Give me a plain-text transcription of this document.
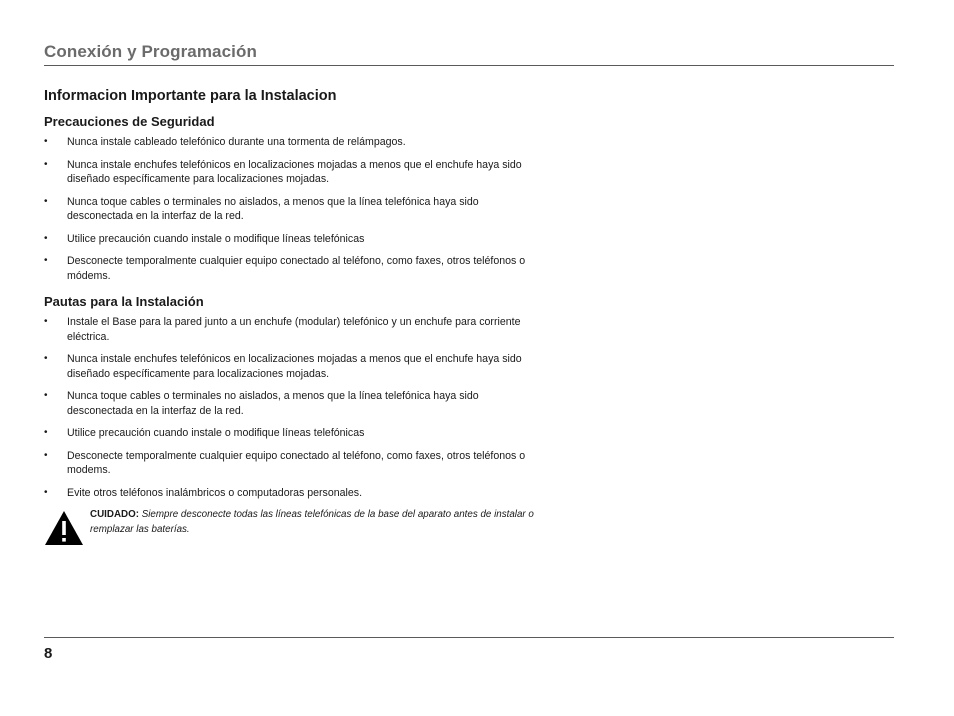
Conexión y Programación
Informacion Importante para la Instalacion
Precauciones de Seguridad
• Nunca instale cableado telefónico durante una tormenta de relámpagos.
• Nunca instale enchufes telefónicos en localizaciones mojadas a menos que el enchufe haya sido diseñado específicamente para localizaciones mojadas.
• Nunca toque cables o terminales no aislados, a menos que la línea telefónica haya sido desconectada en la interfaz de la red.
• Utilice precaución cuando instale o modifique líneas telefónicas
• Desconecte temporalmente cualquier equipo conectado al teléfono, como faxes, otros teléfonos o módems.
Pautas para la Instalación
• Instale el Base para la pared junto a un enchufe (modular) telefónico y un enchufe para corriente eléctrica.
• Nunca instale enchufes telefónicos en localizaciones mojadas a menos que el enchufe haya sido diseñado específicamente para localizaciones mojadas.
• Nunca toque cables o terminales no aislados, a menos que la línea telefónica haya sido desconectada en la interfaz de la red.
• Utilice precaución cuando instale o modifique líneas telefónicas
• Desconecte temporalmente cualquier equipo conectado al teléfono, como faxes, otros teléfonos o modems.
• Evite otros teléfonos inalámbricos o computadoras personales.
CUIDADO: Siempre desconecte todas las líneas telefónicas de la base del aparato antes de instalar o remplazar las baterías.
8
